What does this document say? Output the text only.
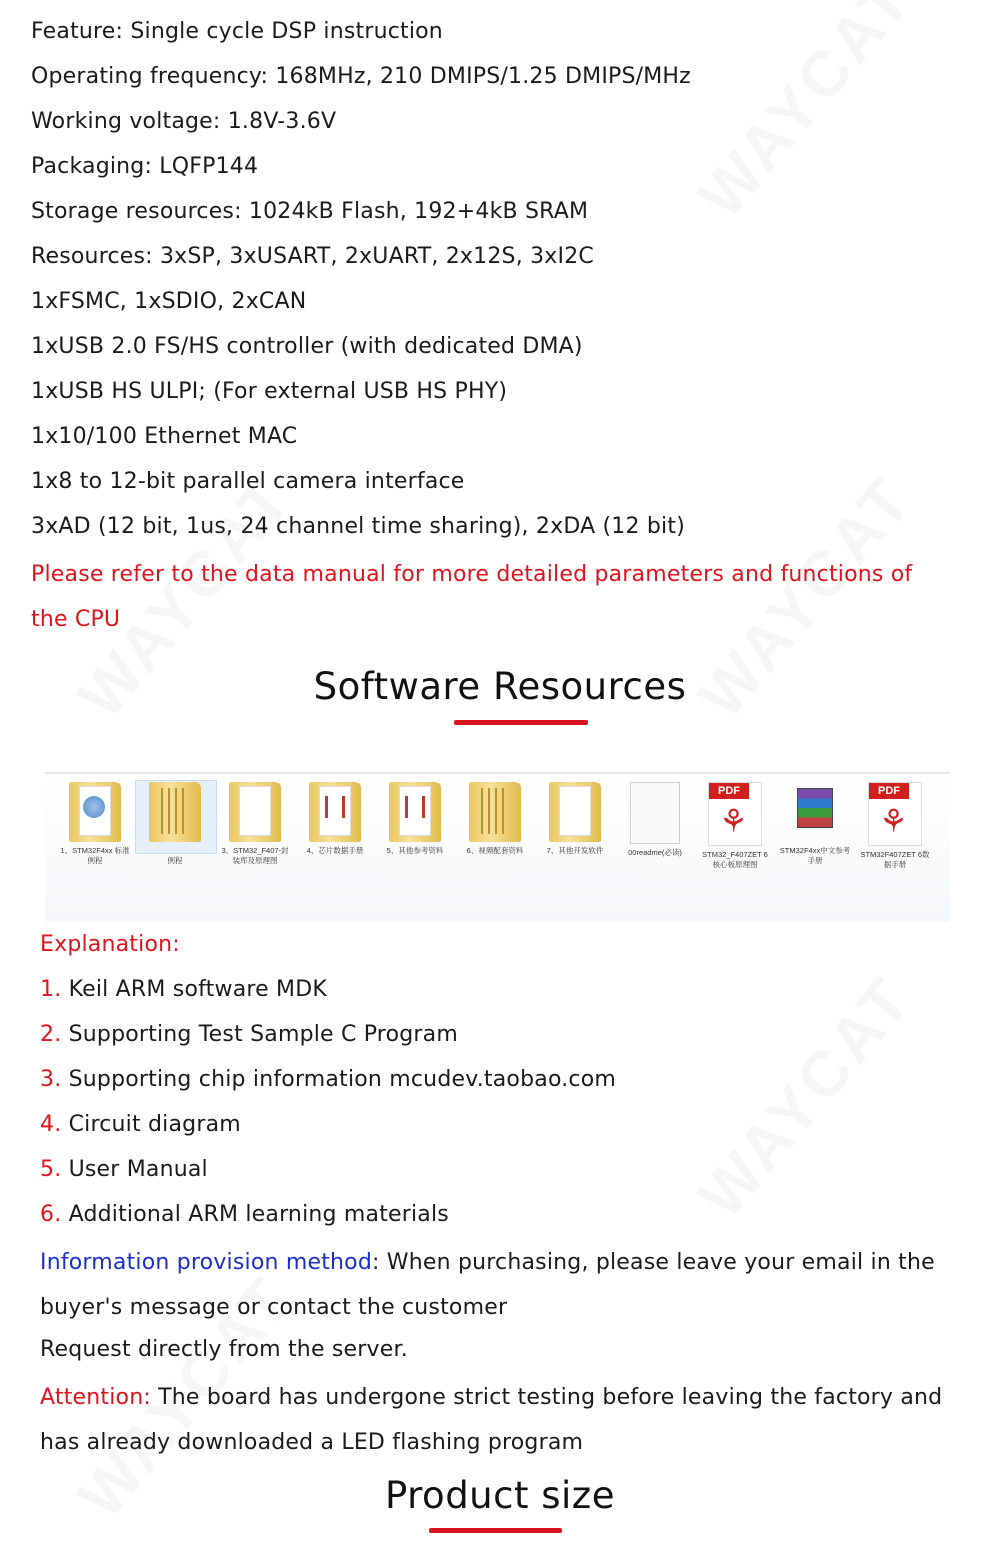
Feature: Single cycle DSP instruction
Operating frequency: 168MHz, 210 DMIPS/1.25 DMIPS/MHz
Working voltage: 1.8V-3.6V
Packaging: LQFP144
Storage resources: 1024kB Flash, 192+4kB SRAM
Resources: 3xSP, 3xUSART, 2xUART, 2x12S, 3xI2C
1xFSMC, 1xSDIO, 2xCAN
1xUSB 2.0 FS/HS controller (with dedicated DMA)
1xUSB HS ULPI; (For external USB HS PHY)
1x10/100 Ethernet MAC
1x8 to 12-bit parallel camera interface
3xAD (12 bit, 1us, 24 channel time sharing), 2xDA (12 bit)
Please refer to the data manual for more detailed parameters and functions of the CPU
Software Resources
1、STM32F4xx 标准例程	例程
3、STM32_F407-封装库及原理图
4、芯片数据手册	5、其他参考资料	6、视频配套资料	7、其他开发软件	00readme(必读)
PDF
⚘
STM32_F407ZET 6核心板原理图
STM32F4xx中文参考手册
PDF
⚘
STM32F407ZET 6数据手册
Explanation:
1. Keil ARM software MDK
2. Supporting Test Sample C Program
3. Supporting chip information mcudev.taobao.com
4. Circuit diagram
5. User Manual
6. Additional ARM learning materials
Information provision method: When purchasing, please leave your email in the buyer's message or contact the customer
Request directly from the server.
Attention: The board has undergone strict testing before leaving the factory and has already downloaded a LED flashing program
Product size
